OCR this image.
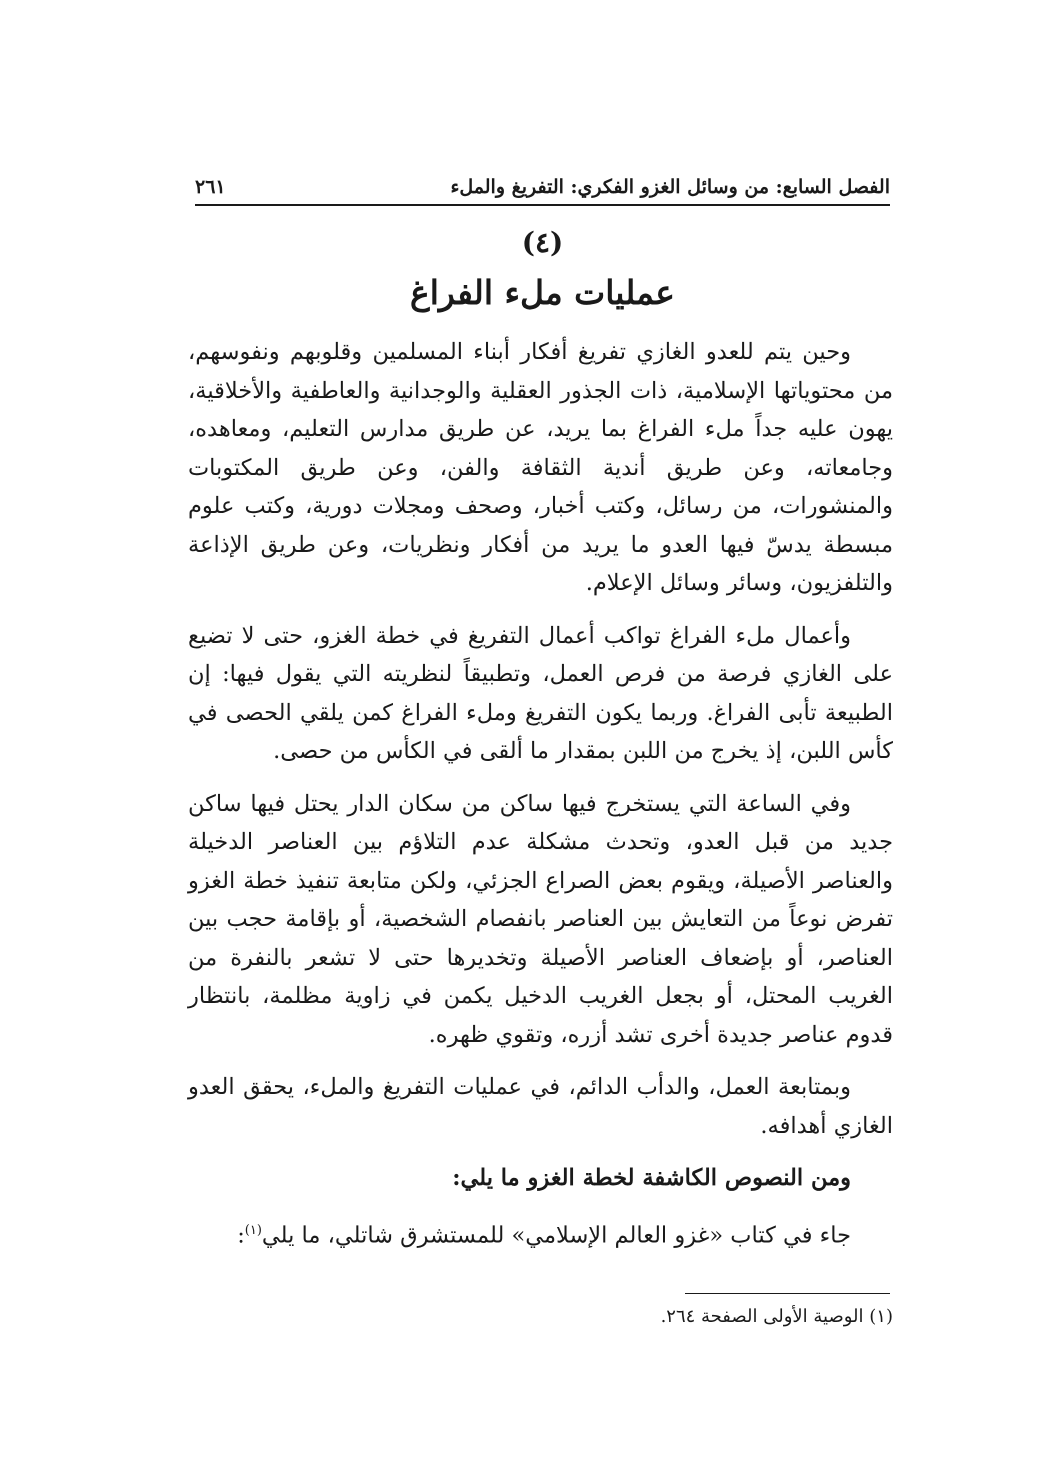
الفصل السابع: من وسائل الغزو الفكري: التفريغ والملء
٢٦١
(٤)
عمليات ملء الفراغ

وحين يتم للعدو الغازي تفريغ أفكار أبناء المسلمين وقلوبهم ونفوسهم، من محتوياتها الإسلامية، ذات الجذور العقلية والوجدانية والعاطفية والأخلاقية، يهون عليه جداً ملء الفراغ بما يريد، عن طريق مدارس التعليم، ومعاهده، وجامعاته، وعن طريق أندية الثقافة والفن، وعن طريق المكتوبات والمنشورات، من رسائل، وكتب أخبار، وصحف ومجلات دورية، وكتب علوم مبسطة يدسّ فيها العدو ما يريد من أفكار ونظريات، وعن طريق الإذاعة والتلفزيون، وسائر وسائل الإعلام.

وأعمال ملء الفراغ تواكب أعمال التفريغ في خطة الغزو، حتى لا تضيع على الغازي فرصة من فرص العمل، وتطبيقاً لنظريته التي يقول فيها: إن الطبيعة تأبى الفراغ. وربما يكون التفريغ وملء الفراغ كمن يلقي الحصى في كأس اللبن، إذ يخرج من اللبن بمقدار ما ألقى في الكأس من حصى.

وفي الساعة التي يستخرج فيها ساكن من سكان الدار يحتل فيها ساكن جديد من قبل العدو، وتحدث مشكلة عدم التلاؤم بين العناصر الدخيلة والعناصر الأصيلة، ويقوم بعض الصراع الجزئي، ولكن متابعة تنفيذ خطة الغزو تفرض نوعاً من التعايش بين العناصر بانفصام الشخصية، أو بإقامة حجب بين العناصر، أو بإضعاف العناصر الأصيلة وتخديرها حتى لا تشعر بالنفرة من الغريب المحتل، أو بجعل الغريب الدخيل يكمن في زاوية مظلمة، بانتظار قدوم عناصر جديدة أخرى تشد أزره، وتقوي ظهره.

وبمتابعة العمل، والدأب الدائم، في عمليات التفريغ والملء، يحقق العدو الغازي أهدافه.

ومن النصوص الكاشفة لخطة الغزو ما يلي:

جاء في كتاب «غزو العالم الإسلامي» للمستشرق شاتلي، ما يلي$^{(١)}$:

(١) الوصية الأولى الصفحة ٢٦٤.
